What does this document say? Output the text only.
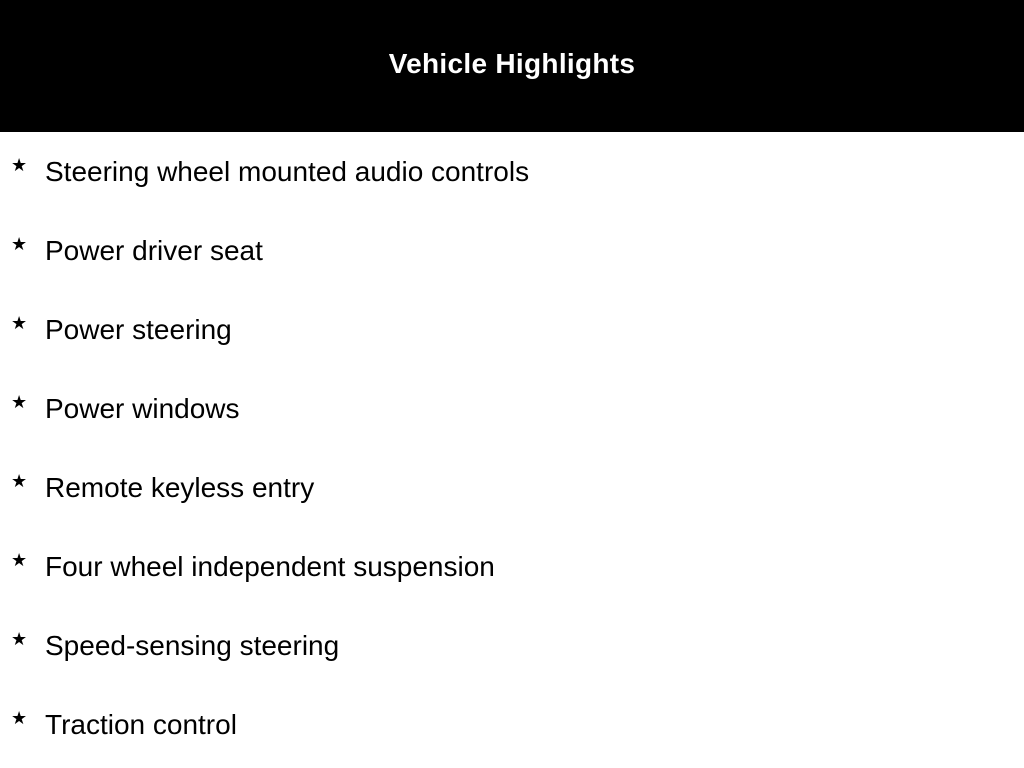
Vehicle Highlights
★ Steering wheel mounted audio controls
★ Power driver seat
★ Power steering
★ Power windows
★ Remote keyless entry
★ Four wheel independent suspension
★ Speed-sensing steering
★ Traction control
